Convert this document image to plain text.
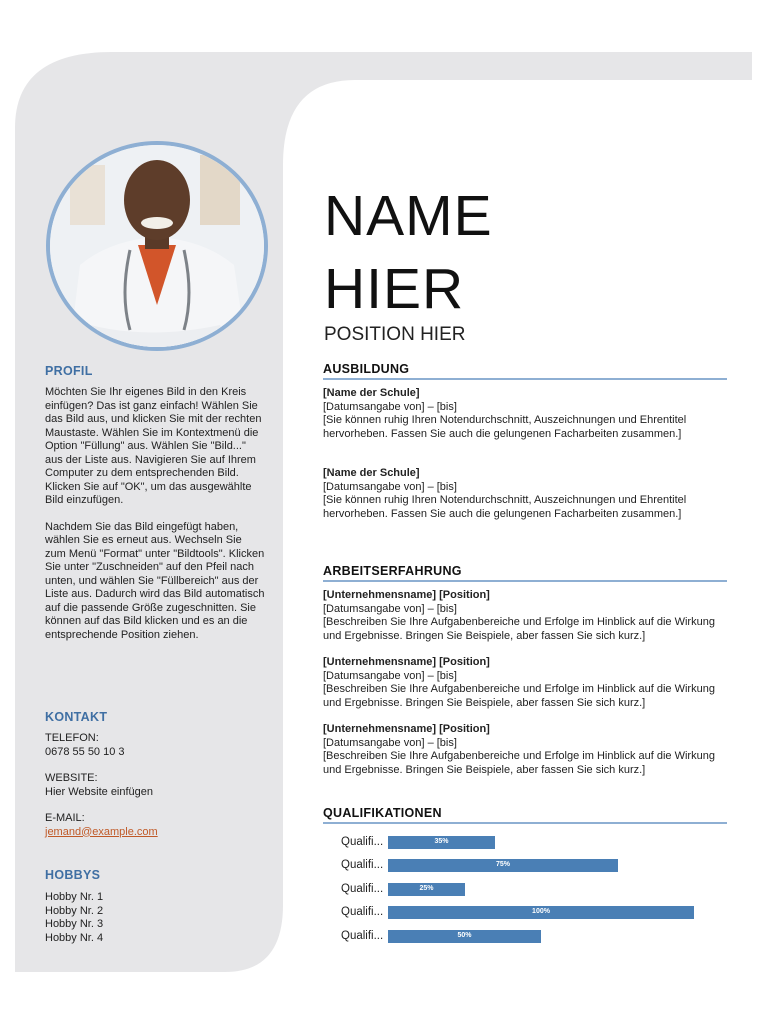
PROFIL

Möchten Sie Ihr eigenes Bild in den Kreis einfügen? Das ist ganz einfach! Wählen Sie das Bild aus, und klicken Sie mit der rechten Maustaste. Wählen Sie im Kontextmenü die Option "Füllung" aus. Wählen Sie "Bild..." aus der Liste aus. Navigieren Sie auf Ihrem Computer zu dem entsprechenden Bild. Klicken Sie auf "OK", um das ausgewählte Bild einzufügen.

Nachdem Sie das Bild eingefügt haben, wählen Sie es erneut aus. Wechseln Sie zum Menü "Format" unter "Bildtools". Klicken Sie unter "Zuschneiden" auf den Pfeil nach unten, und wählen Sie "Füllbereich" aus der Liste aus. Dadurch wird das Bild automatisch auf die passende Größe zugeschnitten. Sie können auf das Bild klicken und es an die entsprechende Position ziehen.

KONTAKT

TELEFON:

0678 55 50 10 3

WEBSITE:

Hier Website einfügen

E-MAIL:

jemand@example.com

HOBBYS

Hobby Nr. 1

Hobby Nr. 2

Hobby Nr. 3

Hobby Nr. 4

NAME
HIER
POSITION HIER
AUSBILDUNG
[Name der Schule]
[Datumsangabe von] – [bis]
[Sie können ruhig Ihren Notendurchschnitt, Auszeichnungen und Ehrentitel hervorheben. Fassen Sie auch die gelungenen Facharbeiten zusammen.]
[Name der Schule]
[Datumsangabe von] – [bis]
[Sie können ruhig Ihren Notendurchschnitt, Auszeichnungen und Ehrentitel hervorheben. Fassen Sie auch die gelungenen Facharbeiten zusammen.]
ARBEITSERFAHRUNG
[Unternehmensname] [Position]
[Datumsangabe von] – [bis]
[Beschreiben Sie Ihre Aufgabenbereiche und Erfolge im Hinblick auf die Wirkung und Ergebnisse. Bringen Sie Beispiele, aber fassen Sie sich kurz.]
[Unternehmensname] [Position]
[Datumsangabe von] – [bis]
[Beschreiben Sie Ihre Aufgabenbereiche und Erfolge im Hinblick auf die Wirkung und Ergebnisse. Bringen Sie Beispiele, aber fassen Sie sich kurz.]
[Unternehmensname] [Position]
[Datumsangabe von] – [bis]
[Beschreiben Sie Ihre Aufgabenbereiche und Erfolge im Hinblick auf die Wirkung und Ergebnisse. Bringen Sie Beispiele, aber fassen Sie sich kurz.]
QUALIFIKATIONEN
Qualifi...	35%
Qualifi...	75%
Qualifi...	25%
Qualifi...	100%
Qualifi...	50%
